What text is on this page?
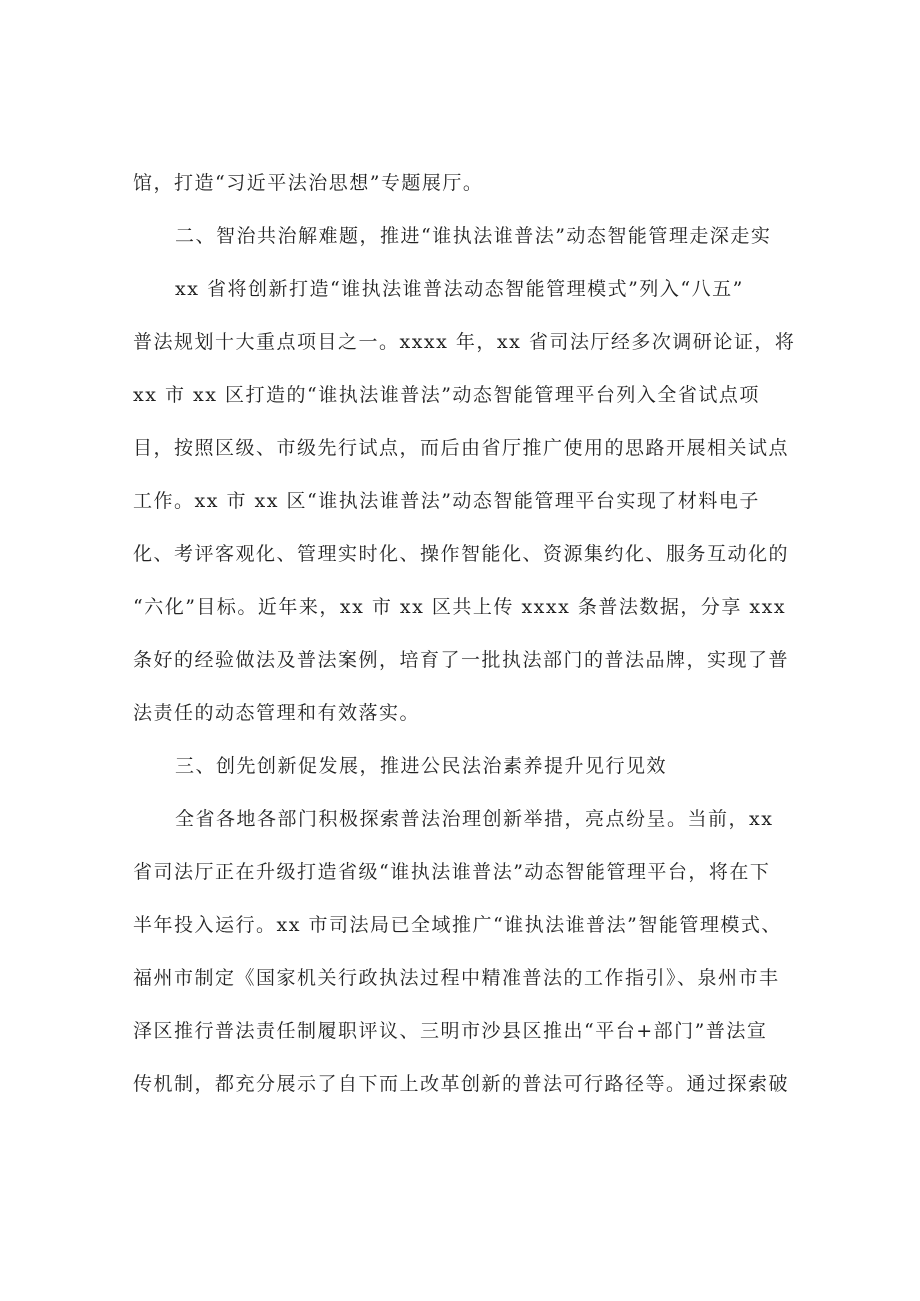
馆，打造“习近平法治思想”专题展厅。
二、智治共治解难题，推进“谁执法谁普法”动态智能管理走深走实
xx 省将创新打造“谁执法谁普法动态智能管理模式”列入“八五”
普法规划十大重点项目之一。xxxx 年，xx 省司法厅经多次调研论证，将
xx 市 xx 区打造的“谁执法谁普法”动态智能管理平台列入全省试点项
目，按照区级、市级先行试点，而后由省厅推广使用的思路开展相关试点
工作。xx 市 xx 区“谁执法谁普法”动态智能管理平台实现了材料电子
化、考评客观化、管理实时化、操作智能化、资源集约化、服务互动化的
“六化”目标。近年来，xx 市 xx 区共上传 xxxx 条普法数据，分享 xxx
条好的经验做法及普法案例，培育了一批执法部门的普法品牌，实现了普
法责任的动态管理和有效落实。
三、创先创新促发展，推进公民法治素养提升见行见效
全省各地各部门积极探索普法治理创新举措，亮点纷呈。当前，xx
省司法厅正在升级打造省级“谁执法谁普法”动态智能管理平台，将在下
半年投入运行。xx 市司法局已全域推广“谁执法谁普法”智能管理模式、
福州市制定《国家机关行政执法过程中精准普法的工作指引》、泉州市丰
泽区推行普法责任制履职评议、三明市沙县区推出“平台+部门”普法宣
传机制，都充分展示了自下而上改革创新的普法可行路径等。通过探索破
